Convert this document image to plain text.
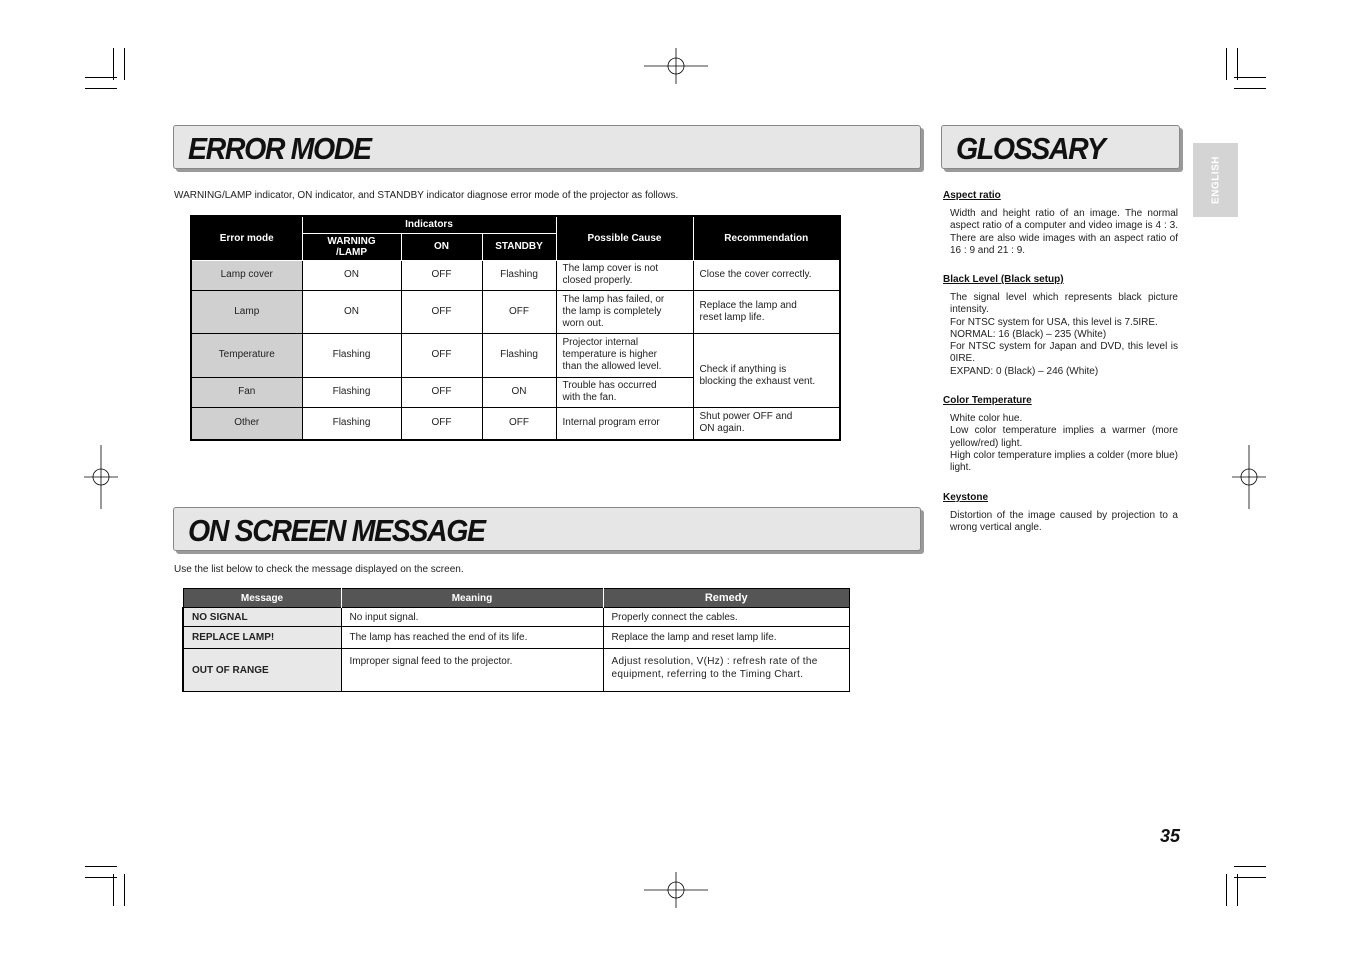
ERROR MODE
WARNING/LAMP indicator, ON indicator, and STANDBY indicator diagnose error mode of the projector as follows.
Error mode	Indicators			Possible Cause	Recommendation
	WARNING
/LAMP	ON	STANDBY		
Lamp cover	ON	OFF	Flashing	The lamp cover is not
closed properly.	Close the cover correctly.
Lamp	ON	OFF	OFF	The lamp has failed, or
the lamp is completely
worn out.	Replace the lamp and
reset lamp life.
Temperature	Flashing	OFF	Flashing	Projector internal
temperature is higher
than the allowed level.	Check if anything is
blocking the exhaust vent.
Fan	Flashing	OFF	ON	Trouble has occurred
with the fan.	
Other	Flashing	OFF	OFF	Internal program error	Shut power OFF and
ON again.
ON SCREEN MESSAGE
Use the list below to check the message displayed on the screen.
Message	Meaning	Remedy
NO SIGNAL	No input signal.	Properly connect the cables.
REPLACE LAMP!	The lamp has reached the end of its life.	Replace the lamp and reset lamp life.
OUT OF RANGE	Improper signal feed to the projector.	Adjust resolution, V(Hz) : refresh rate of the
equipment, referring to the Timing Chart.
GLOSSARY
Aspect ratio
Width and height ratio of an image. The normal aspect ratio of a computer and video image is 4 : 3. There are also wide images with an aspect ratio of 16 : 9 and 21 : 9.
Black Level (Black setup)
The signal level which represents black picture intensity.
For NTSC system for USA, this level is 7.5IRE.
NORMAL: 16 (Black) – 235 (White)
For NTSC system for Japan and DVD, this level is 0IRE.
EXPAND: 0 (Black) – 246 (White)
Color Temperature
White color hue.
Low color temperature implies a warmer (more yellow/red) light.
High color temperature implies a colder (more blue) light.
Keystone
Distortion of the image caused by projection to a wrong vertical angle.
ENGLISH
35
